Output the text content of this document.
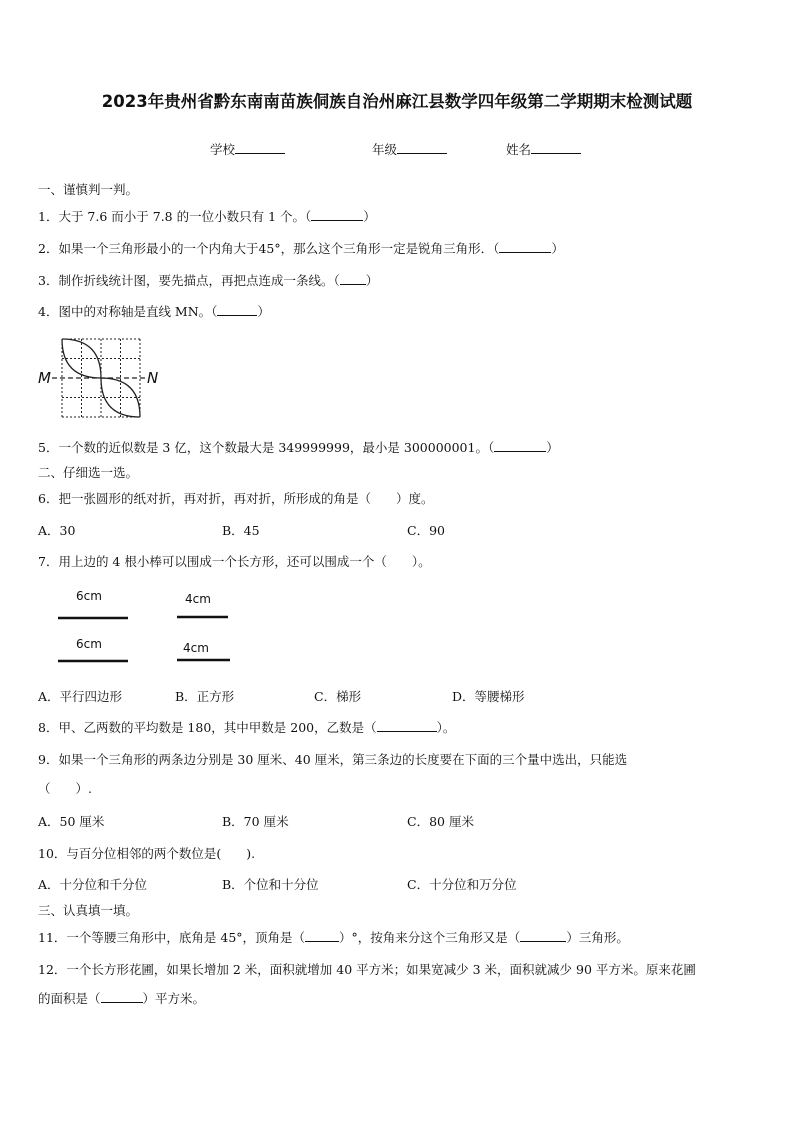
2023年贵州省黔东南南苗族侗族自治州麻江县数学四年级第二学期期末检测试题
学校	年级	姓名
一、谨慎判一判。
1．大于 7.6 而小于 7.8 的一位小数只有 1 个。（	）
2．如果一个三角形最小的一个内角大于45°，那么这个三角形一定是锐角三角形．（	）
3．制作折线统计图，要先描点，再把点连成一条线。（ ）
4．图中的对称轴是直线 MN。（	）
M	N
5．一个数的近似数是 3 亿，这个数最大是 349999999，最小是 300000001。（	）
二、仔细选一选。
6．把一张圆形的纸对折，再对折，再对折，所形成的角是（　　）度。
A．30	B．45	C．90
7．用上边的 4 根小棒可以围成一个长方形，还可以围成一个（　　）。
6cm	4cm
6cm	4cm
A．平行四边形	B．正方形	C．梯形	D．等腰梯形
8．甲、乙两数的平均数是 180，其中甲数是 200，乙数是（	）。
9．如果一个三角形的两条边分别是 30 厘米、40 厘米，第三条边的长度要在下面的三个量中选出，只能选
（　　）.
A．50 厘米	B．70 厘米	C．80 厘米
10．与百分位相邻的两个数位是(　　).
A．十分位和千分位	B．个位和十分位	C．十分位和万分位
三、认真填一填。
11．一个等腰三角形中，底角是 45°，顶角是（	）°，按角来分这个三角形又是（	）三角形。
12．一个长方形花圃，如果长增加 2 米，面积就增加 40 平方米；如果宽减少 3 米，面积就减少 90 平方米。原来花圃
的面积是（	）平方米。
